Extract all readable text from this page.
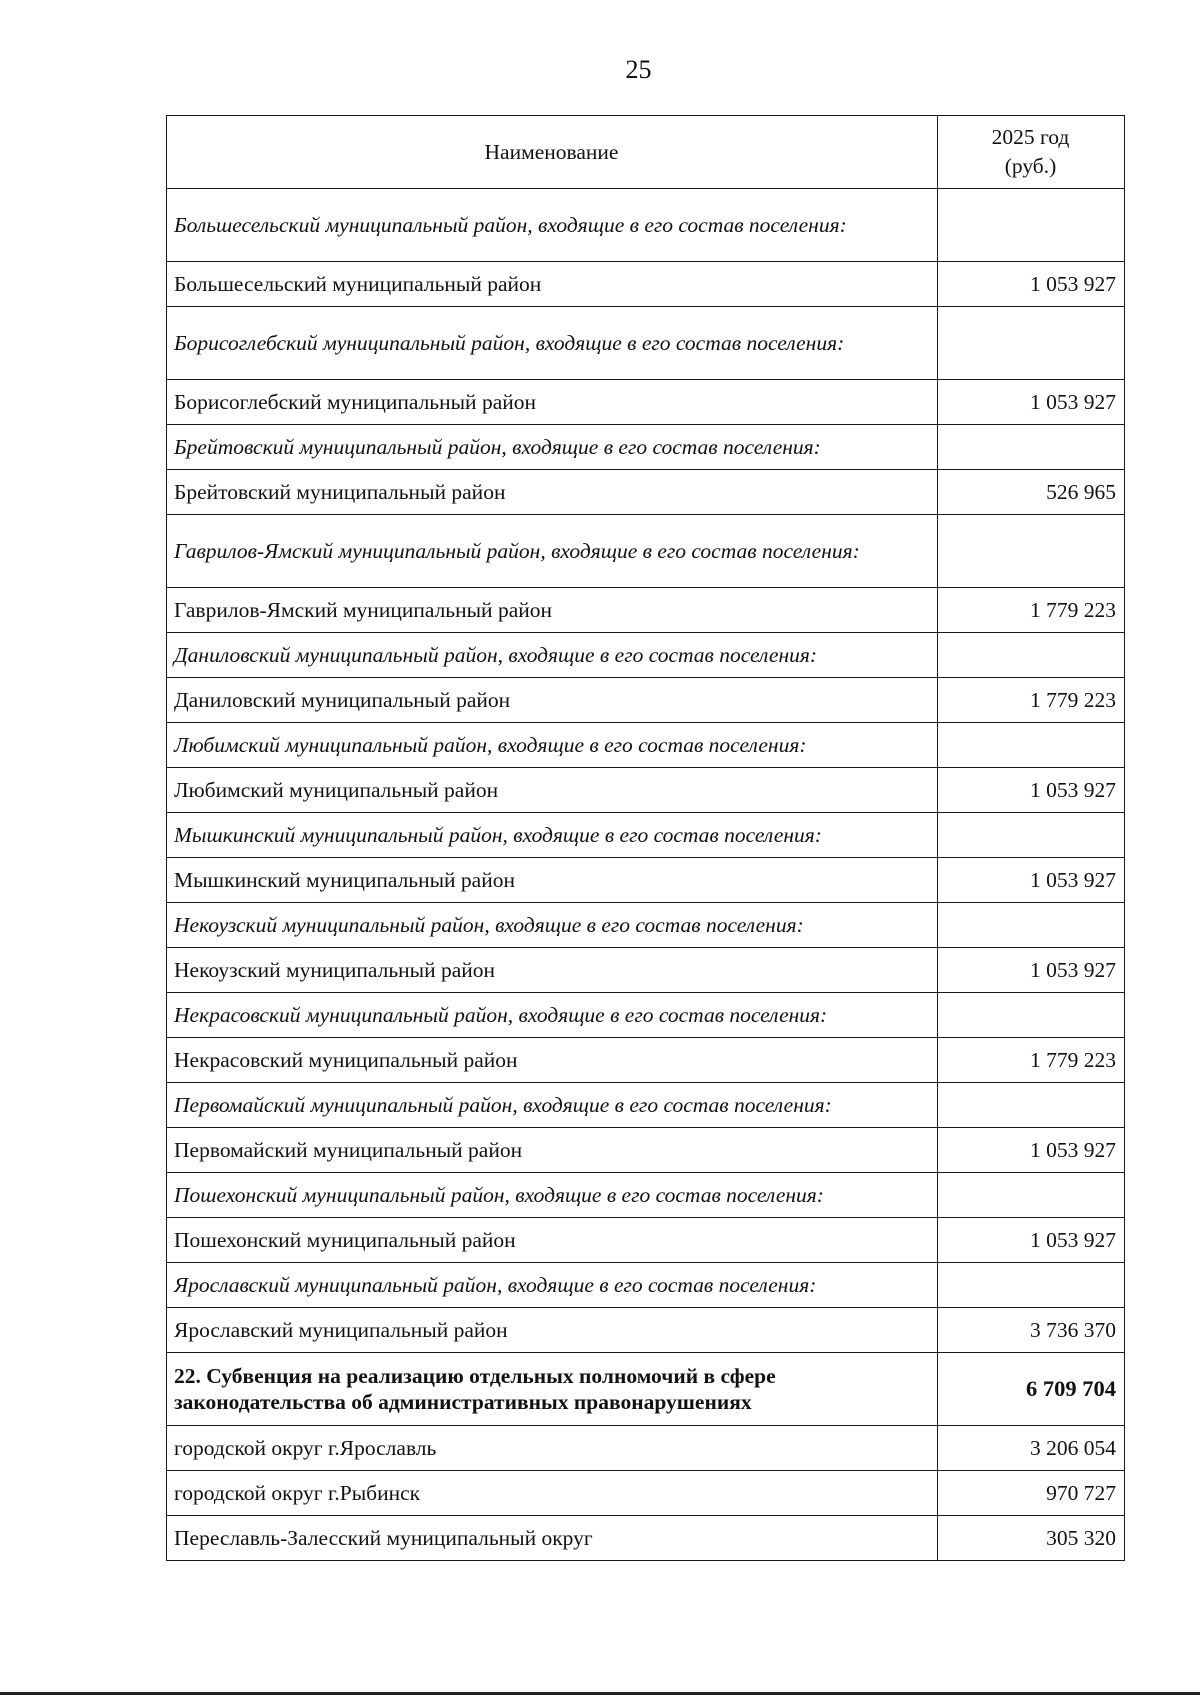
25
Наименование	2025 год
(руб.)
Большесельский муниципальный район, входящие в его состав поселения:	
Большесельский муниципальный район	1 053 927
Борисоглебский муниципальный район, входящие в его состав поселения:	
Борисоглебский муниципальный район	1 053 927
Брейтовский муниципальный район, входящие в его состав поселения:	
Брейтовский муниципальный район	526 965
Гаврилов-Ямский муниципальный район, входящие в его состав поселения:	
Гаврилов-Ямский муниципальный район	1 779 223
Даниловский муниципальный район, входящие в его состав поселения:	
Даниловский муниципальный район	1 779 223
Любимский муниципальный район, входящие в его состав поселения:	
Любимский муниципальный район	1 053 927
Мышкинский муниципальный район, входящие в его состав поселения:	
Мышкинский муниципальный район	1 053 927
Некоузский муниципальный район, входящие в его состав поселения:	
Некоузский муниципальный район	1 053 927
Некрасовский муниципальный район, входящие в его состав поселения:	
Некрасовский муниципальный район	1 779 223
Первомайский муниципальный район, входящие в его состав поселения:	
Первомайский муниципальный район	1 053 927
Пошехонский муниципальный район, входящие в его состав поселения:	
Пошехонский муниципальный район	1 053 927
Ярославский муниципальный район, входящие в его состав поселения:	
Ярославский муниципальный район	3 736 370
22. Субвенция на реализацию отдельных полномочий в сфере законодательства об административных правонарушениях	6 709 704
городской округ г.Ярославль	3 206 054
городской округ г.Рыбинск	970 727
Переславль-Залесский муниципальный округ	305 320
